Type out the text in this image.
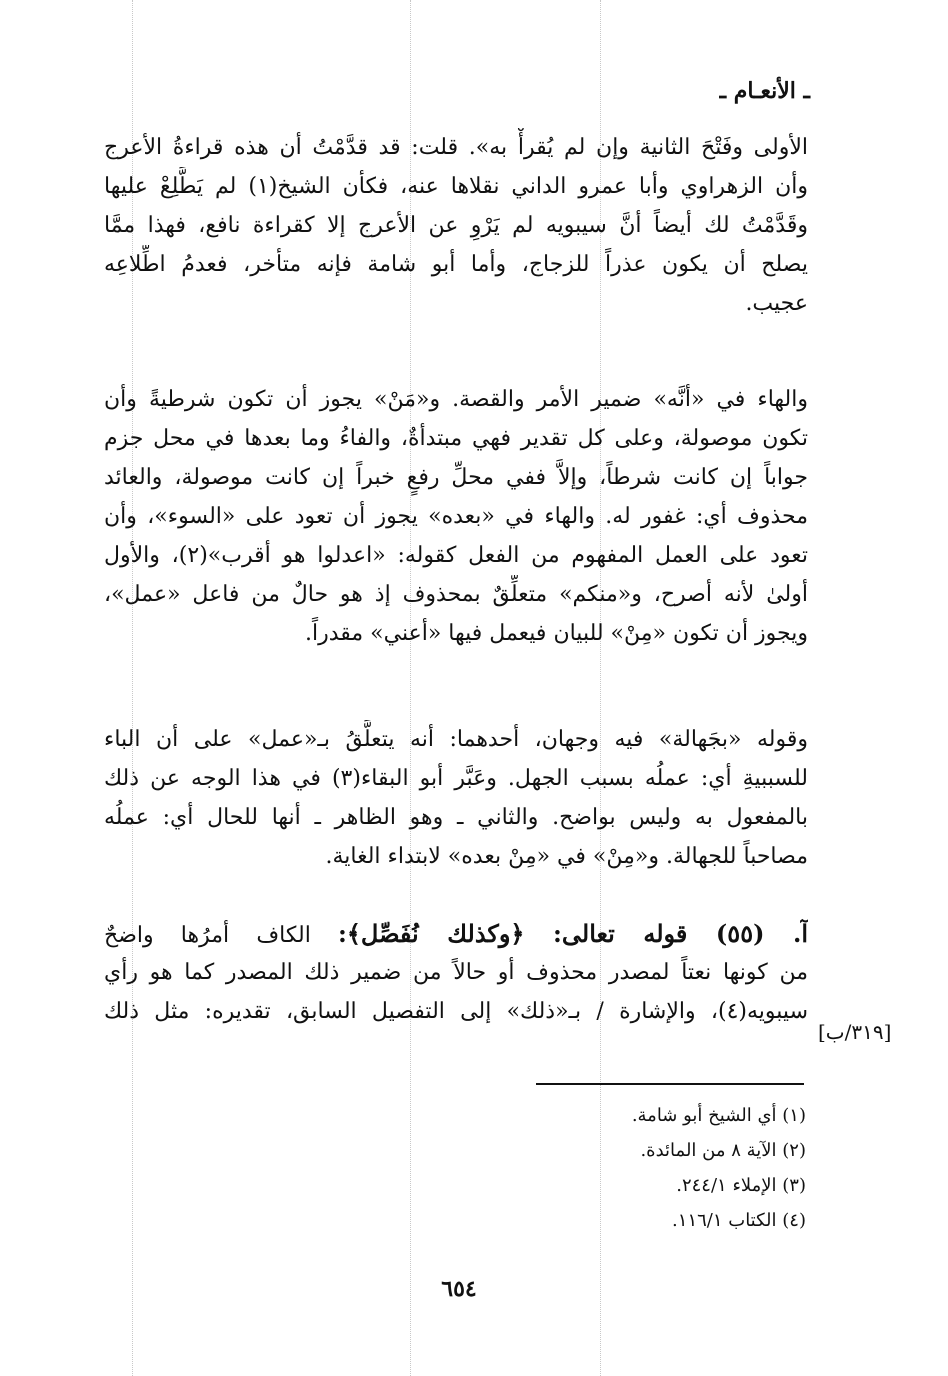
ـ الأنعـام ـ
الأولى وفَتْحَ الثانية وإن لم يُقرأْ به». قلت: قد قدَّمْتُ أن هذه قراءةُ الأعرج
وأن الزهراوي وأبا عمرو الداني نقلاها عنه، فكأن الشيخ(١) لم يَطَّلِعْ عليها
وقَدَّمْتُ لك أيضاً أنَّ سيبويه لم يَرْوِ عن الأعرج إلا كقراءة نافع، فهذا ممَّا
يصلح أن يكون عذراً للزجاج، وأما أبو شامة فإنه متأخر، فعدمُ اطِّلاعِه
عجيب.
والهاء في «أنَّه» ضمير الأمر والقصة. و«مَنْ» يجوز أن تكون شرطيةً وأن
تكون موصولة، وعلى كل تقدير فهي مبتدأةٌ، والفاءُ وما بعدها في محل جزم
جواباً إن كانت شرطاً، وإلاَّ ففي محلِّ رفعٍ خبراً إن كانت موصولة، والعائد
محذوف أي: غفور له. والهاء في «بعده» يجوز أن تعود على «السوء»، وأن
تعود على العمل المفهوم من الفعل كقوله: «اعدلوا هو أقرب»(٢)، والأول
أولىٰ لأنه أصرح، و«منكم» متعلِّقٌ بمحذوف إذ هو حالٌ من فاعل «عمل»،
ويجوز أن تكون «مِنْ» للبيان فيعمل فيها «أعني» مقدراً.
وقوله «بجَهالة» فيه وجهان، أحدهما: أنه يتعلَّقُ بـ«عمل» على أن الباء
للسببيةِ أي: عملُه بسبب الجهل. وعَبَّر أبو البقاء(٣) في هذا الوجه عن ذلك
بالمفعول به وليس بواضح. والثاني ـ وهو الظاهر ـ أنها للحال أي: عملُه
مصاحباً للجهالة. و«مِنْ» في «مِنْ بعده» لابتداء الغاية.
آ. (٥٥) قوله تعالى: ﴿وكذلك نُفَصِّل﴾: الكاف أمرُها واضحٌ
من كونها نعتاً لمصدر محذوف أو حالاً من ضمير ذلك المصدر كما هو رأي
سيبويه(٤)، والإشارة / بـ«ذلك» إلى التفصيل السابق، تقديره: مثل ذلك
[٣١٩/ب]
(١) أي الشيخ أبو شامة.
(٢) الآية ٨ من المائدة.
(٣) الإملاء ٢٤٤/١.
(٤) الكتاب ١١٦/١.
٦٥٤
